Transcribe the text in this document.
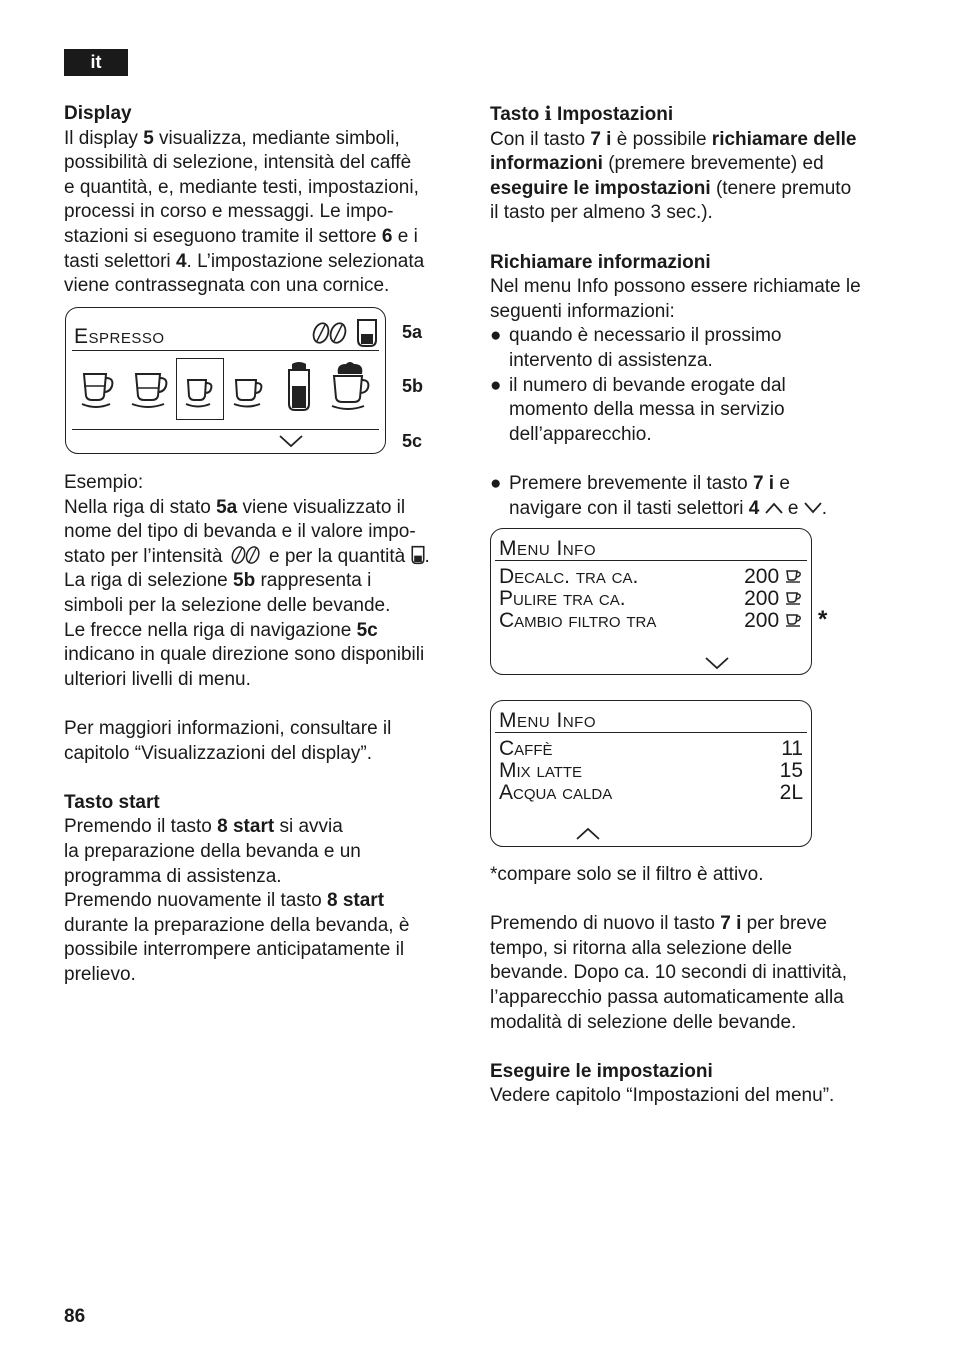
it

Display

Il display 5 visualizza, mediante simboli,

possibilità di selezione, intensità del caffè

e quantità, e, mediante testi, impostazioni,

processi in corso e messaggi. Le impo-

stazioni si eseguono tramite il settore 6 e i

tasti selettori 4. L’impostazione selezionata

viene contrassegnata con una cornice.

Espresso	5a
5b
5c

Esempio:

Nella riga di stato 5a viene visualizzato il

nome del tipo di bevanda e il valore impo-

stato per l’intensità  e per la quantità .

La riga di selezione 5b rappresenta i

simboli per la selezione delle bevande.

Le frecce nella riga di navigazione 5c

indicano in quale direzione sono disponibili

ulteriori livelli di menu.

Per maggiori informazioni, consultare il

capitolo “Visualizzazioni del display”.

Tasto start

Premendo il tasto 8 start si avvia

la preparazione della bevanda e un

programma di assistenza.

Premendo nuovamente il tasto 8 start

durante la preparazione della bevanda, è

possibile interrompere anticipatamente il

prelievo.

Tasto i Impostazioni

Con il tasto 7 i è possibile richiamare delle

informazioni (premere brevemente) ed

eseguire le impostazioni (tenere premuto

il tasto per almeno 3 sec.).

Richiamare informazioni

Nel menu Info possono essere richiamate le

seguenti informazioni:

● quando è necessario il prossimo

intervento di assistenza.

● il numero di bevande erogate dal

momento della messa in servizio

dell’apparecchio.

● Premere brevemente il tasto 7 i e

navigare con il tasti selettori 4  e .

Menu Info
Decalc. tra ca.	200
Pulire tra ca.	200
Cambio filtro tra	200	*
Menu Info
Caffè	11
Mix latte	15
Acqua calda	2L

*compare solo se il filtro è attivo.

Premendo di nuovo il tasto 7 i per breve

tempo, si ritorna alla selezione delle

bevande. Dopo ca. 10 secondi di inattività,

l’apparecchio passa automaticamente alla

modalità di selezione delle bevande.

Eseguire le impostazioni

Vedere capitolo “Impostazioni del menu”.

86
